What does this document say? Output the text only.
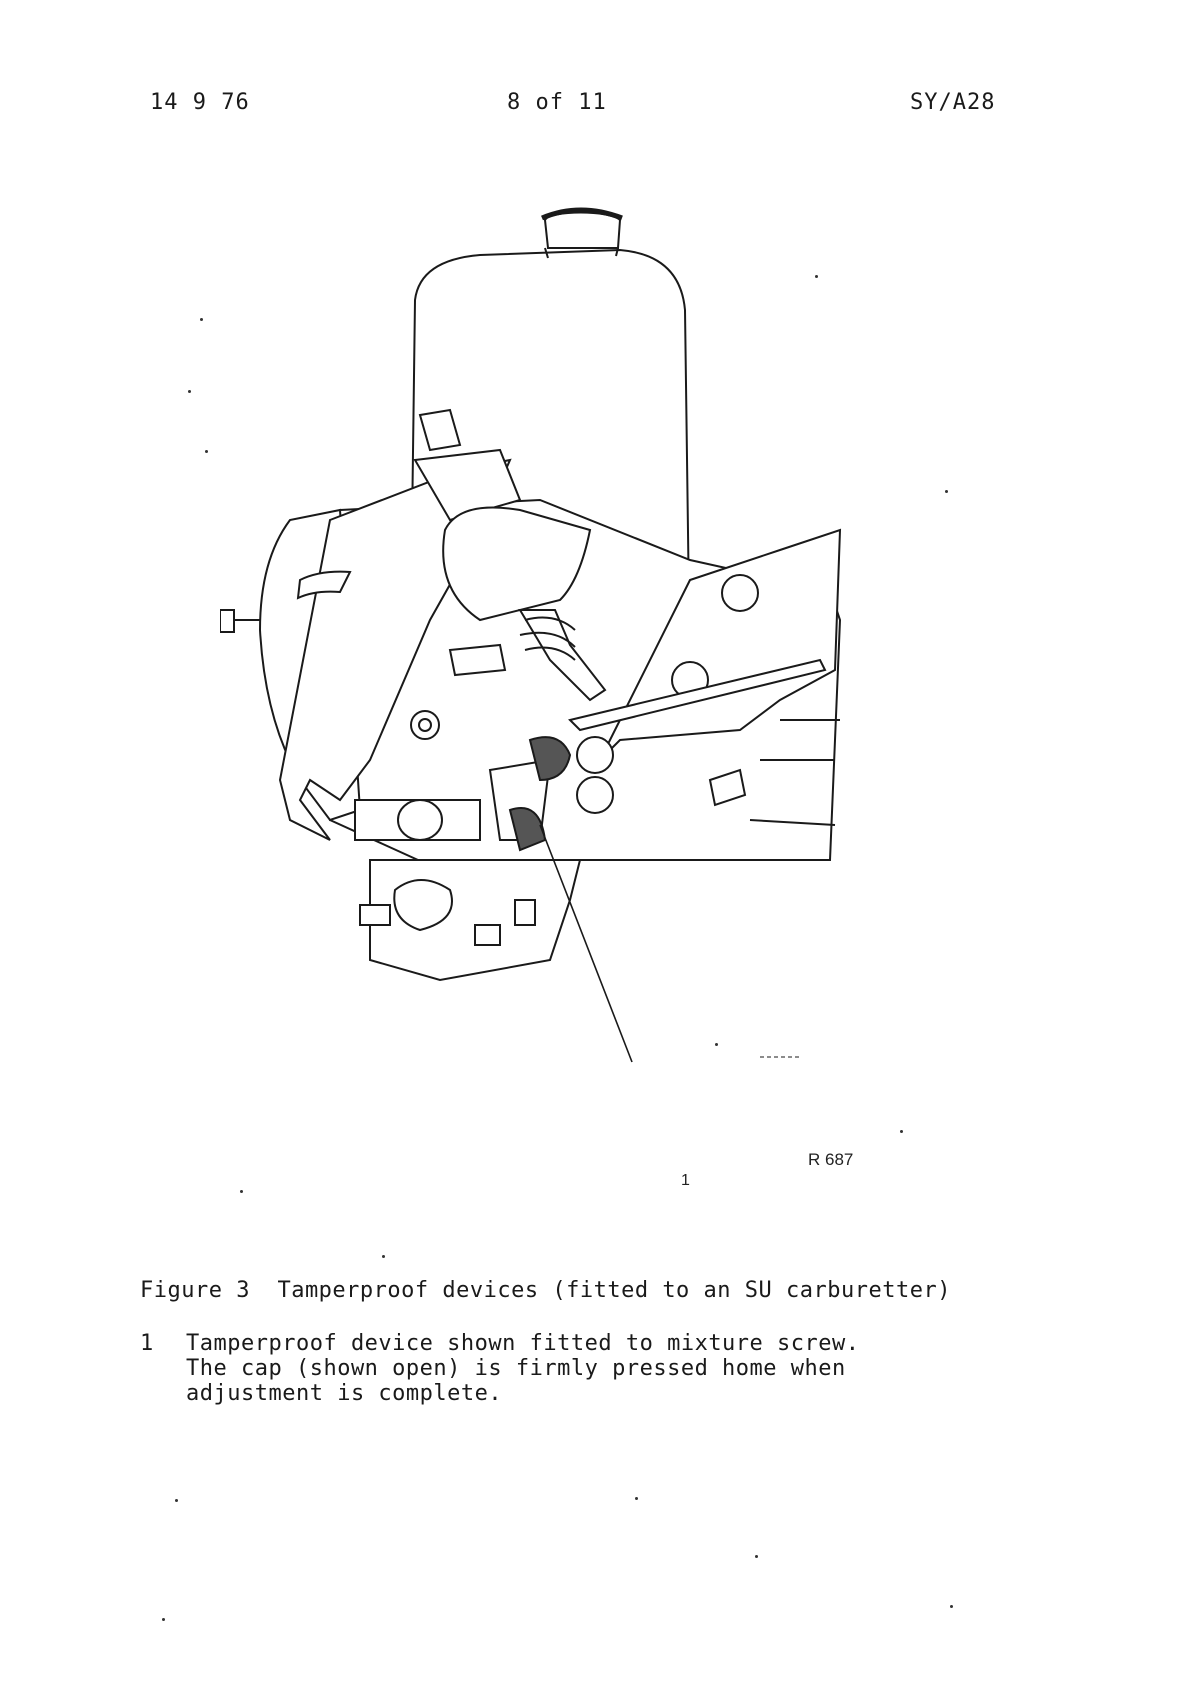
14 9 76	8 of 11	SY/A28
R 687
1
Figure 3  Tamperproof devices (fitted to an SU carburetter)
1 Tamperproof device shown fitted to mixture screw.
The cap (shown open) is firmly pressed home when
adjustment is complete.
